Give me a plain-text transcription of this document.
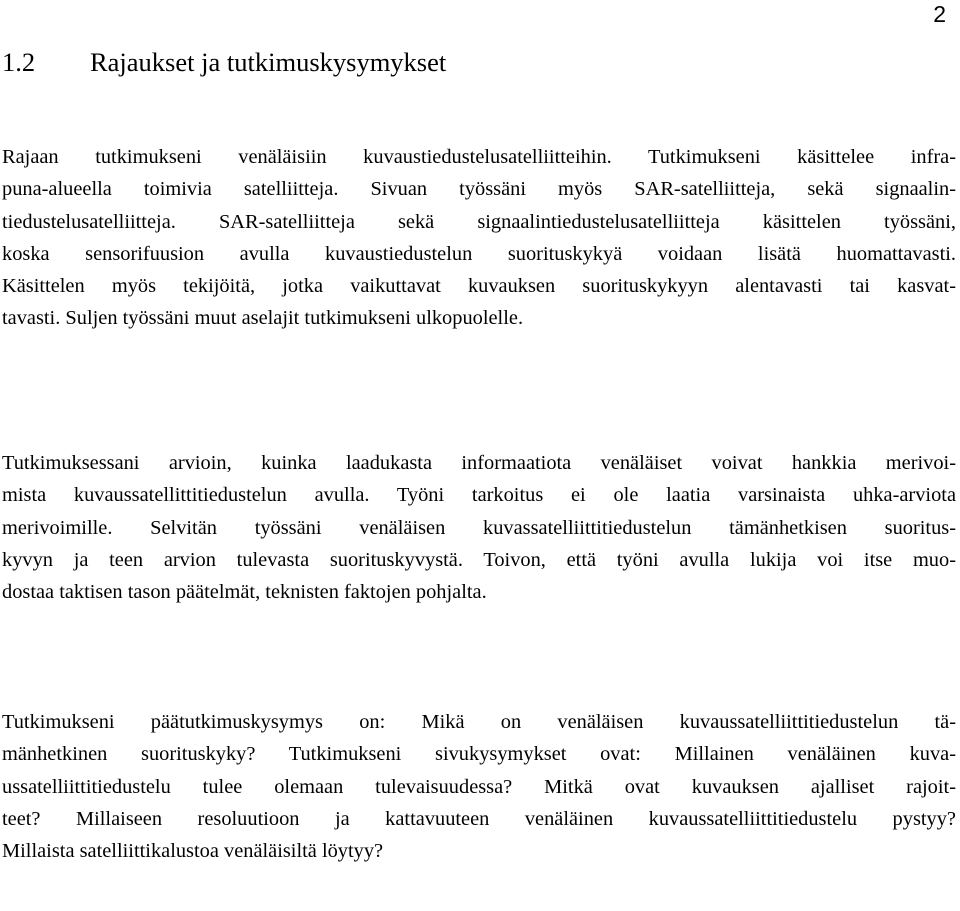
2
1.2 Rajaukset ja tutkimuskysymykset
Rajaan tutkimukseni venäläisiin kuvaustiedustelusatelliitteihin. Tutkimukseni käsittelee infra-
puna-alueella toimivia satelliitteja. Sivuan työssäni myös SAR-satelliitteja, sekä signaalin-
tiedustelusatelliitteja. SAR-satelliitteja sekä signaalintiedustelusatelliitteja käsittelen työssäni,
koska sensorifuusion avulla kuvaustiedustelun suorituskykyä voidaan lisätä huomattavasti.
Käsittelen myös tekijöitä, jotka vaikuttavat kuvauksen suorituskykyyn alentavasti tai kasvat-
tavasti. Suljen työssäni muut aselajit tutkimukseni ulkopuolelle.
Tutkimuksessani arvioin, kuinka laadukasta informaatiota venäläiset voivat hankkia merivoi-
mista kuvaussatellittitiedustelun avulla. Työni tarkoitus ei ole laatia varsinaista uhka-arviota
merivoimille. Selvitän työssäni venäläisen kuvassatelliittitiedustelun tämänhetkisen suoritus-
kyvyn ja teen arvion tulevasta suorituskyvystä. Toivon, että työni avulla lukija voi itse muo-
dostaa taktisen tason päätelmät, teknisten faktojen pohjalta.
Tutkimukseni päätutkimuskysymys on: Mikä on venäläisen kuvaussatelliittitiedustelun tä-
mänhetkinen suorituskyky? Tutkimukseni sivukysymykset ovat: Millainen venäläinen kuva-
ussatelliittitiedustelu tulee olemaan tulevaisuudessa? Mitkä ovat kuvauksen ajalliset rajoit-
teet? Millaiseen resoluutioon ja kattavuuteen venäläinen kuvaussatelliittitiedustelu pystyy?
Millaista satelliittikalustoa venäläisiltä löytyy?
